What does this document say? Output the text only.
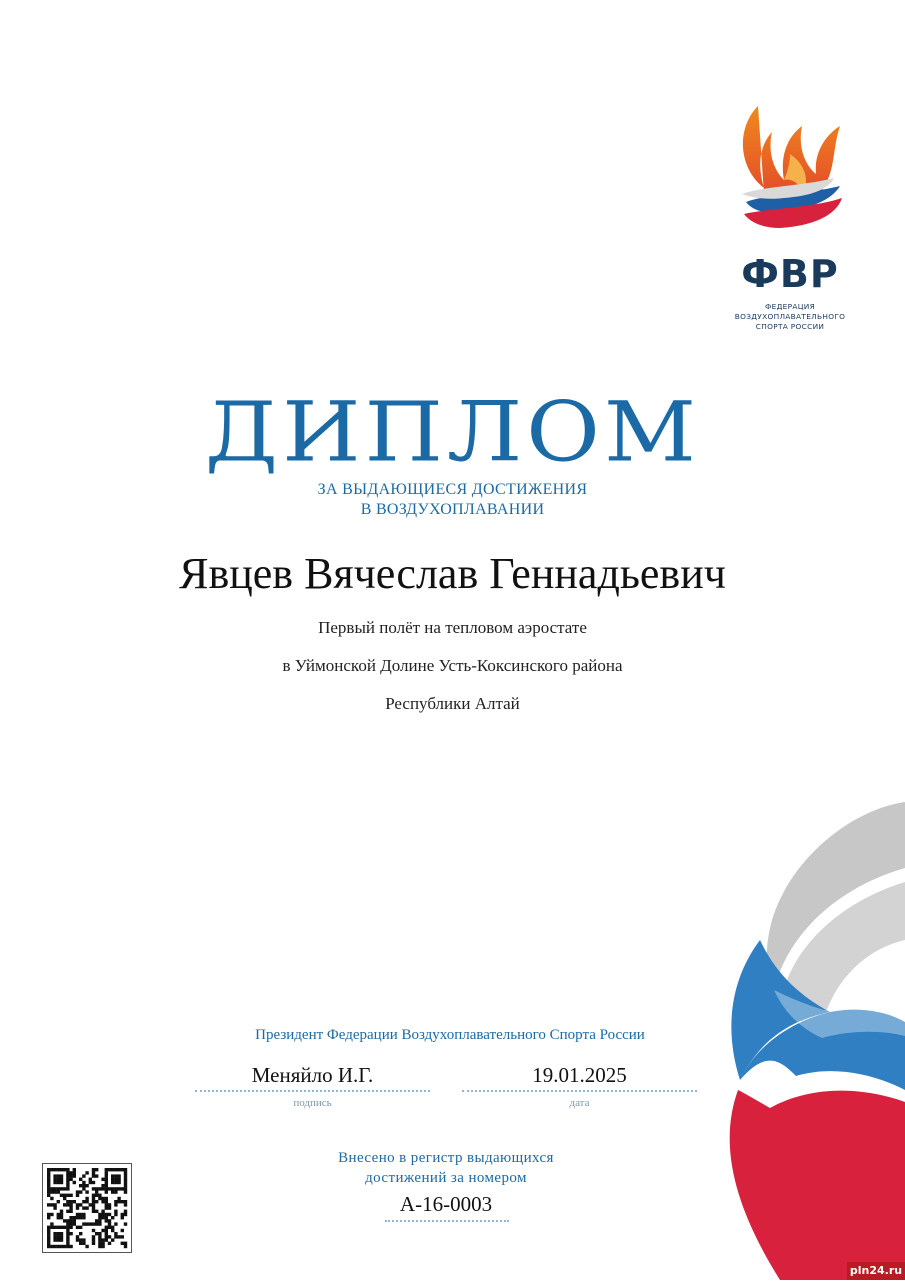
ФВР
ФЕДЕРАЦИЯ
ВОЗДУХОПЛАВАТЕЛЬНОГО
СПОРТА РОССИИ
ДИПЛОМ
ЗА ВЫДАЮЩИЕСЯ ДОСТИЖЕНИЯ
В ВОЗДУХОПЛАВАНИИ
Явцев Вячеслав Геннадьевич
Первый полёт на тепловом аэростате
в Уймонской Долине Усть-Коксинского района
Республики Алтай
Президент Федерации Воздухоплавательного Спорта России
Меняйло И.Г.
подпись
19.01.2025
дата
Внесено в регистр выдающихся
достижений за номером
А-16-0003
pln24.ru
